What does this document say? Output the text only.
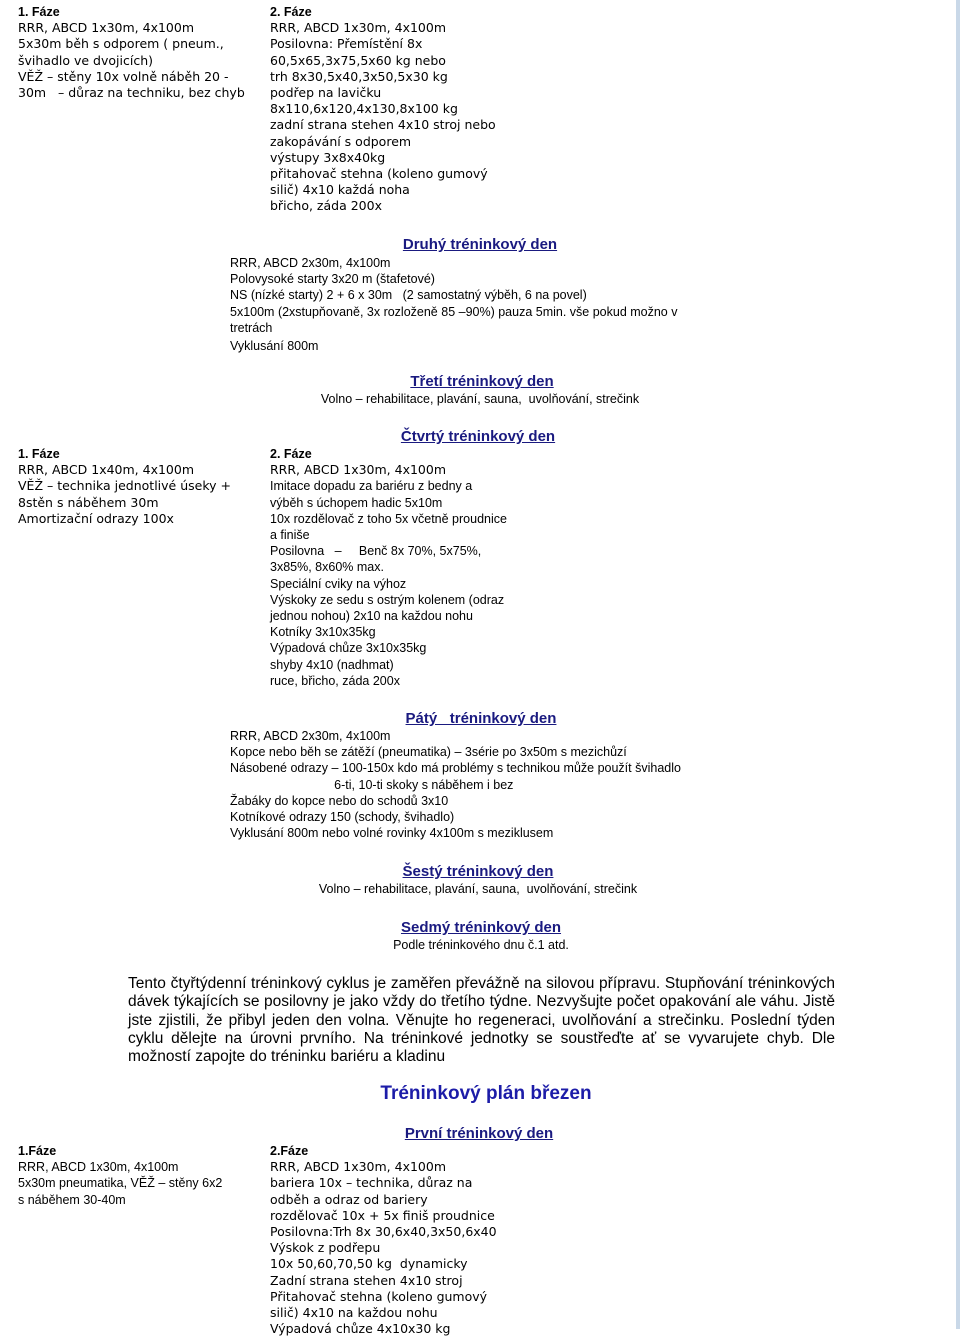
1. Fáze
RRR, ABCD 1x30m, 4x100m
5x30m běh s odporem ( pneum.,
švihadlo ve dvojicích)
VĚŽ – stěny 10x volně náběh 20 -
30m   – důraz na techniku, bez chyb
2. Fáze
RRR, ABCD 1x30m, 4x100m
Posilovna: Přemístění 8x
60,5x65,3x75,5x60 kg nebo
trh 8x30,5x40,3x50,5x30 kg
podřep na lavičku
8x110,6x120,4x130,8x100 kg
zadní strana stehen 4x10 stroj nebo
zakopávání s odporem
výstupy 3x8x40kg
přitahovač stehna (koleno gumový
silič) 4x10 každá noha
břicho, záda 200x
Druhý tréninkový den
RRR, ABCD 2x30m, 4x100m
Polovysoké starty 3x20 m (štafetové)
NS (nízké starty) 2 + 6 x 30m   (2 samostatný výběh, 6 na povel)
5x100m (2xstupňovaně, 3x rozloženě 85 –90%) pauza 5min. vše pokud možno v
tretrách
Vyklusání 800m
Třetí tréninkový den
Volno – rehabilitace, plavání, sauna,  uvolňování, strečink
Čtvrtý tréninkový den
1. Fáze
RRR, ABCD 1x40m, 4x100m
VĚŽ – technika jednotlivé úseky +
8stěn s náběhem 30m
Amortizační odrazy 100x
2. Fáze
RRR, ABCD 1x30m, 4x100m
Imitace dopadu za bariéru z bedny a
výběh s úchopem hadic 5x10m
10x rozdělovač z toho 5x včetně proudnice
a finiše
Posilovna   –     Benč 8x 70%, 5x75%,
3x85%, 8x60% max.
Speciální cviky na výhoz
Výskoky ze sedu s ostrým kolenem (odraz
jednou nohou) 2x10 na každou nohu
Kotníky 3x10x35kg
Výpadová chůze 3x10x35kg
shyby 4x10 (nadhmat)
ruce, břicho, záda 200x
Pátý   tréninkový den
RRR, ABCD 2x30m, 4x100m
Kopce nebo běh se zátěží (pneumatika) – 3série po 3x50m s mezichůzí
Násobené odrazy – 100-150x kdo má problémy s technikou může použít švihadlo
6-ti, 10-ti skoky s náběhem i bez
Žabáky do kopce nebo do schodů 3x10
Kotníkové odrazy 150 (schody, švihadlo)
Vyklusání 800m nebo volné rovinky 4x100m s meziklusem
Šestý tréninkový den
Volno – rehabilitace, plavání, sauna,  uvolňování, strečink
Sedmý tréninkový den
Podle tréninkového dnu č.1 atd.
Tento čtyřtýdenní tréninkový cyklus je zaměřen převážně na silovou přípravu. Stupňování tréninkových dávek týkajících se posilovny je jako vždy do třetího týdne. Nezvyšujte počet opakování ale váhu. Jistě jste zjistili, že přibyl jeden den volna. Věnujte ho regeneraci, uvolňování a strečinku. Poslední týden cyklu dělejte na úrovni prvního. Na tréninkové jednotky se soustřeďte ať se vyvarujete chyb. Dle možností zapojte do tréninku bariéru a kladinu
Tréninkový plán březen
První tréninkový den
1.Fáze
RRR, ABCD 1x30m, 4x100m
5x30m pneumatika, VĚŽ – stěny 6x2
s náběhem 30-40m
2.Fáze
RRR, ABCD 1x30m, 4x100m
bariera 10x – technika, důraz na
odběh a odraz od bariery
rozdělovač 10x + 5x finiš proudnice
Posilovna:Trh 8x 30,6x40,3x50,6x40
Výskok z podřepu
10x 50,60,70,50 kg  dynamicky
Zadní strana stehen 4x10 stroj
Přitahovač stehna (koleno gumový
silič) 4x10 na každou nohu
Výpadová chůze 4x10x30 kg
